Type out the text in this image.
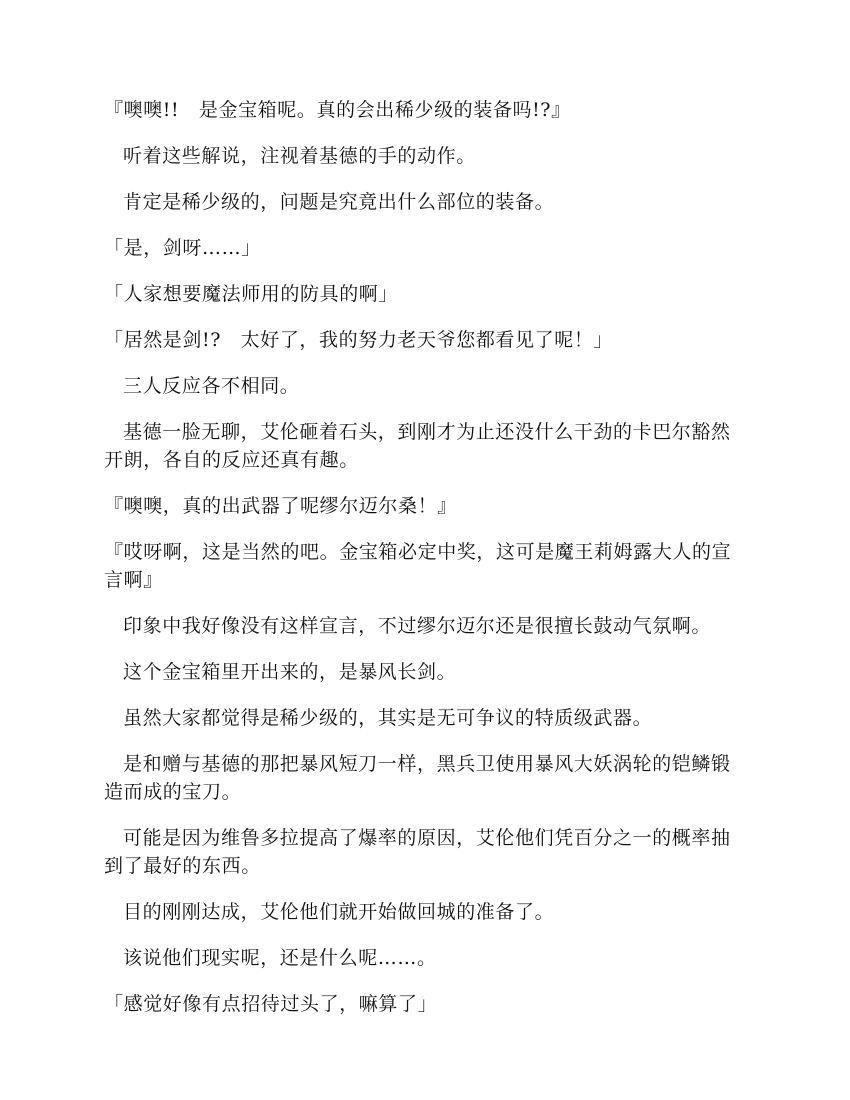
『噢噢!!　是金宝箱呢。真的会出稀少级的装备吗!?』

听着这些解说，注视着基德的手的动作。

肯定是稀少级的，问题是究竟出什么部位的装备。

「是，剑呀……」

「人家想要魔法师用的防具的啊」

「居然是剑!?　太好了，我的努力老天爷您都看见了呢！」

三人反应各不相同。

基德一脸无聊，艾伦砸着石头，到刚才为止还没什么干劲的卡巴尔豁然开朗，各自的反应还真有趣。

『噢噢，真的出武器了呢缪尔迈尔桑！』

『哎呀啊，这是当然的吧。金宝箱必定中奖，这可是魔王莉姆露大人的宣言啊』

印象中我好像没有这样宣言，不过缪尔迈尔还是很擅长鼓动气氛啊。

这个金宝箱里开出来的，是暴风长剑。

虽然大家都觉得是稀少级的，其实是无可争议的特质级武器。

是和赠与基德的那把暴风短刀一样，黑兵卫使用暴风大妖涡轮的铠鳞锻造而成的宝刀。

可能是因为维鲁多拉提高了爆率的原因，艾伦他们凭百分之一的概率抽到了最好的东西。

目的刚刚达成，艾伦他们就开始做回城的准备了。

该说他们现实呢，还是什么呢……。

「感觉好像有点招待过头了，嘛算了」
